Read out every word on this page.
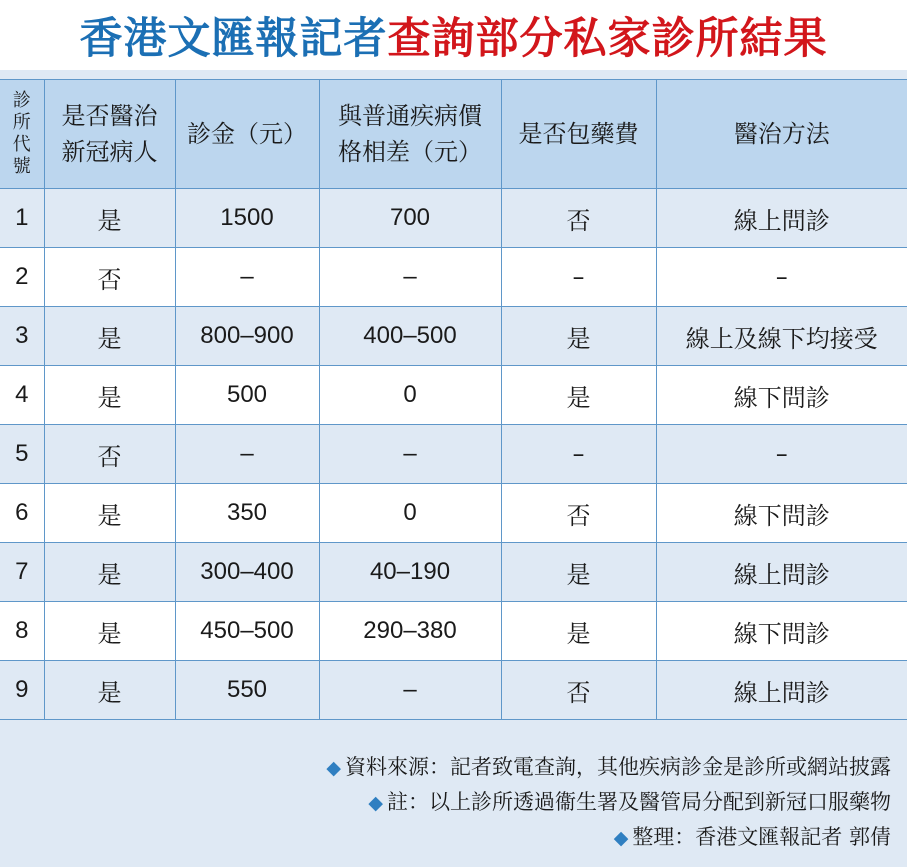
香港文匯報記者 查詢部分私家診所結果
診所代號	是否醫治新冠病人	診金（元）	與普通疾病價格相差（元）	是否包藥費	醫治方法
1	是	1500	700	否	線上問診
2	否	–	–	–	–
3	是	800–900	400–500	是	線上及線下均接受
4	是	500	0	是	線下問診
5	否	–	–	–	–
6	是	350	0	否	線下問診
7	是	300–400	40–190	是	線上問診
8	是	450–500	290–380	是	線下問診
9	是	550	–	否	線上問診
◆ 資料來源：記者致電查詢，其他疾病診金是診所或網站披露
◆ 註：以上診所透過衞生署及醫管局分配到新冠口服藥物
◆ 整理：香港文匯報記者 郭倩
